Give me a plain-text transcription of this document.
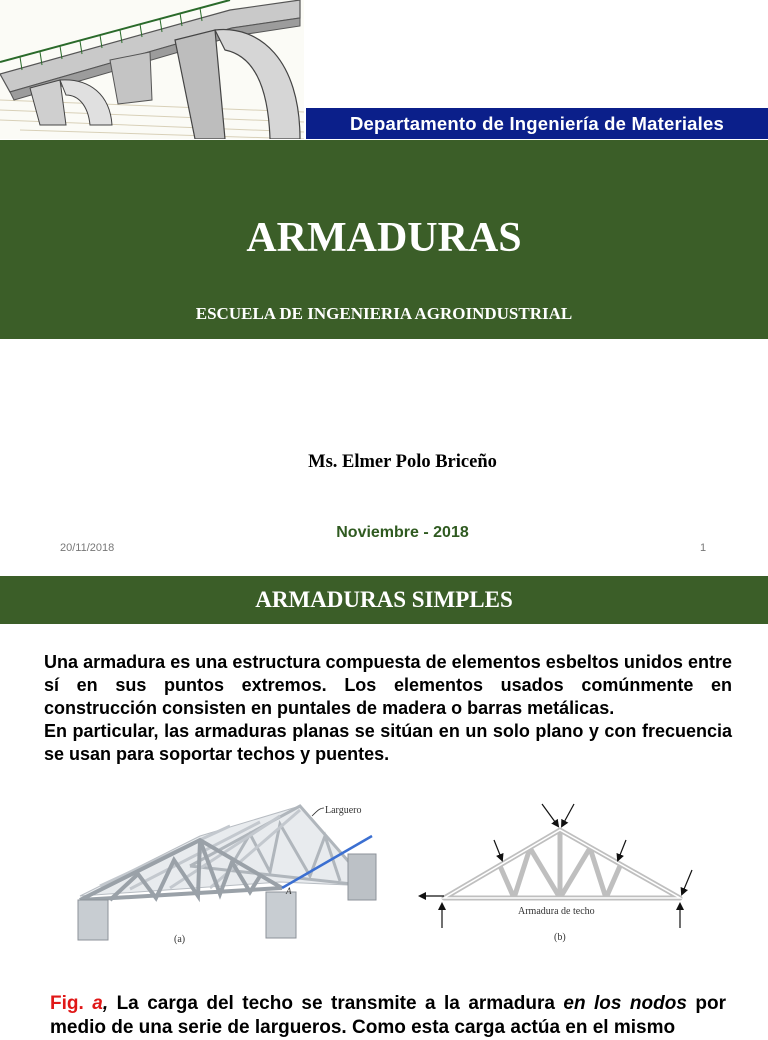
Departamento de Ingeniería de Materiales
ARMADURAS
ESCUELA DE INGENIERIA AGROINDUSTRIAL
Ms. Elmer Polo Briceño
Noviembre - 2018
20/11/2018	1
ARMADURAS SIMPLES
Una armadura es una estructura compuesta de elementos esbeltos unidos entre sí en sus puntos extremos. Los elementos usados comúnmente en construcción consisten en puntales de madera o barras metálicas.
En particular, las armaduras planas se sitúan en un solo plano y con frecuencia se usan para soportar techos y puentes.
Larguero
A
(a)
Armadura de techo
(b)
Fig. a, La carga del techo se transmite a la armadura en los nodos por
medio de una serie de largueros. Como esta carga actúa en el mismo
